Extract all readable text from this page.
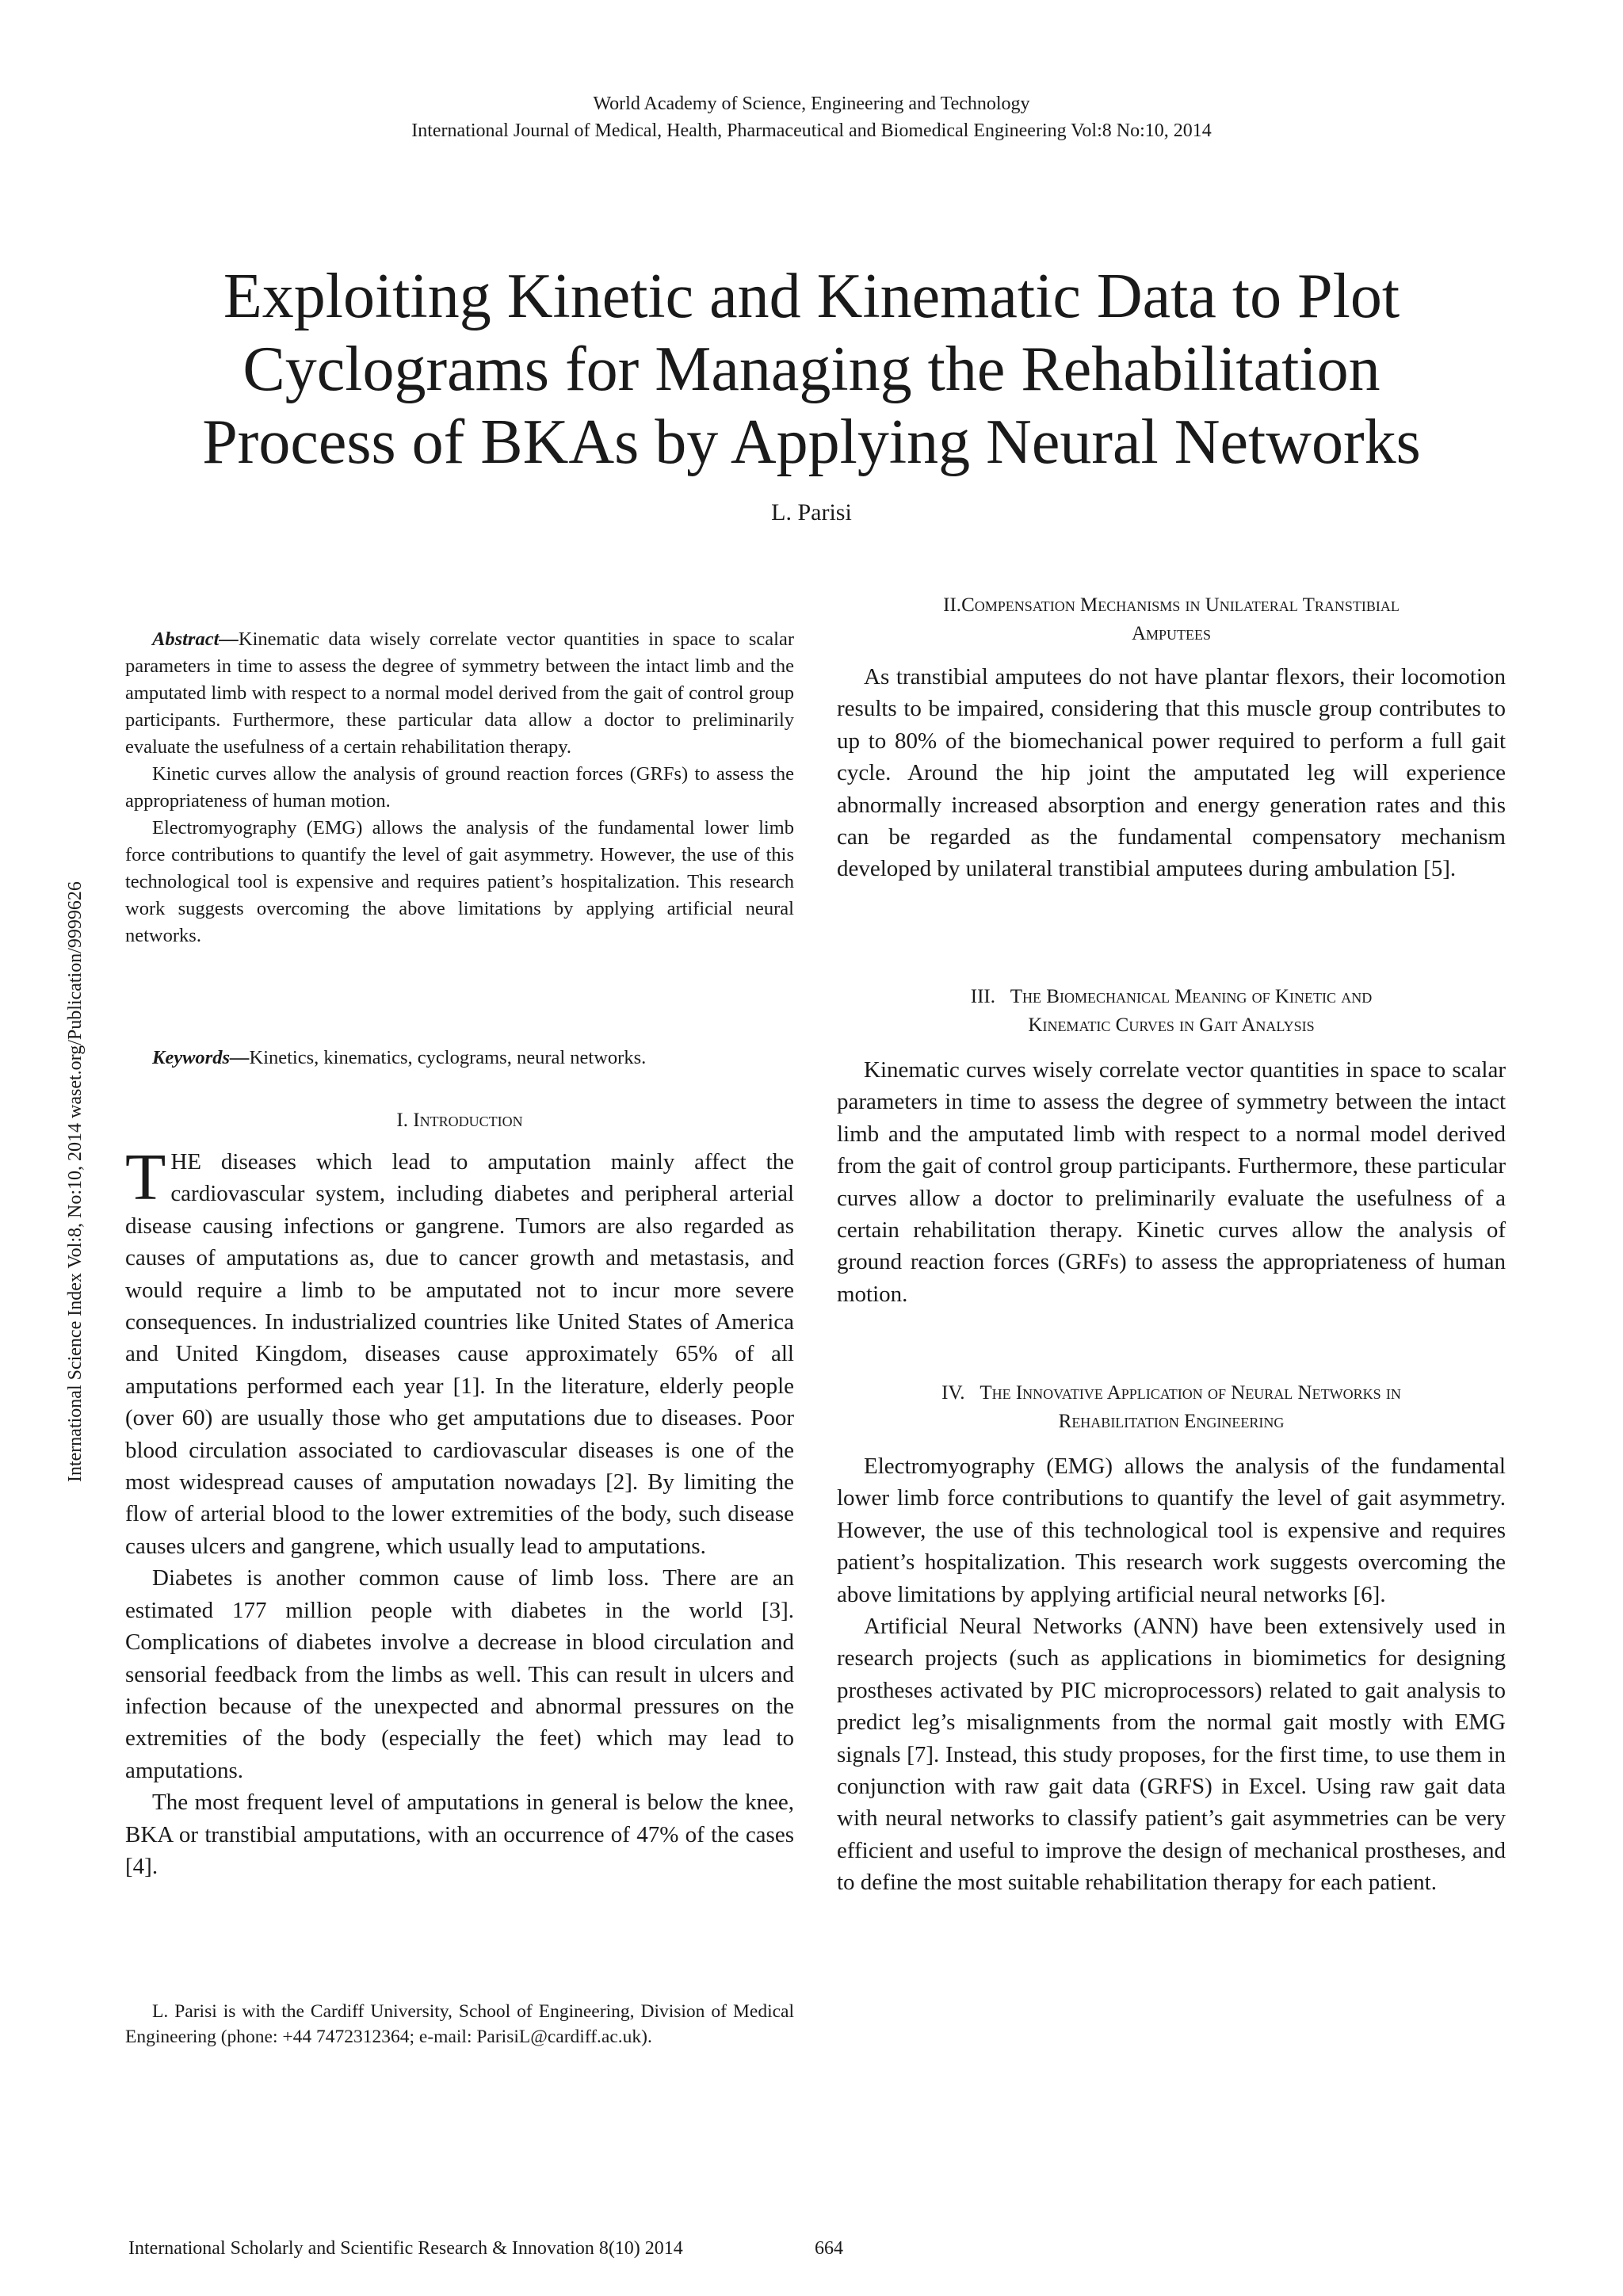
World Academy of Science, Engineering and Technology
International Journal of Medical, Health, Pharmaceutical and Biomedical Engineering Vol:8 No:10, 2014
Exploiting Kinetic and Kinematic Data to Plot
Cyclograms for Managing the Rehabilitation
Process of BKAs by Applying Neural Networks
L. Parisi
International Science Index Vol:8, No:10, 2014 waset.org/Publication/9999626

Abstract—Kinematic data wisely correlate vector quantities in space to scalar parameters in time to assess the degree of symmetry between the intact limb and the amputated limb with respect to a normal model derived from the gait of control group participants. Furthermore, these particular data allow a doctor to preliminarily evaluate the usefulness of a certain rehabilitation therapy.

Kinetic curves allow the analysis of ground reaction forces (GRFs) to assess the appropriateness of human motion.

Electromyography (EMG) allows the analysis of the fundamental lower limb force contributions to quantify the level of gait asymmetry. However, the use of this technological tool is expensive and requires patient’s hospitalization. This research work suggests overcoming the above limitations by applying artificial neural networks.

Keywords—Kinetics, kinematics, cyclograms, neural networks.

I. Introduction

THE diseases which lead to amputation mainly affect the cardiovascular system, including diabetes and peripheral arterial disease causing infections or gangrene. Tumors are also regarded as causes of amputations as, due to cancer growth and metastasis, and would require a limb to be amputated not to incur more severe consequences. In industrialized countries like United States of America and United Kingdom, diseases cause approximately 65% of all amputations performed each year [1]. In the literature, elderly people (over 60) are usually those who get amputations due to diseases. Poor blood circulation associated to cardiovascular diseases is one of the most widespread causes of amputation nowadays [2]. By limiting the flow of arterial blood to the lower extremities of the body, such disease causes ulcers and gangrene, which usually lead to amputations.

Diabetes is another common cause of limb loss. There are an estimated 177 million people with diabetes in the world [3]. Complications of diabetes involve a decrease in blood circulation and sensorial feedback from the limbs as well. This can result in ulcers and infection because of the unexpected and abnormal pressures on the extremities of the body (especially the feet) which may lead to amputations.

The most frequent level of amputations in general is below the knee, BKA or transtibial amputations, with an occurrence of 47% of the cases [4].

L. Parisi is with the Cardiff University, School of Engineering, Division of Medical Engineering (phone: +44 7472312364; e-mail: ParisiL@cardiff.ac.uk).

II.Compensation Mechanisms in Unilateral Transtibial
Amputees

As transtibial amputees do not have plantar flexors, their locomotion results to be impaired, considering that this muscle group contributes to up to 80% of the biomechanical power required to perform a full gait cycle. Around the hip joint the amputated leg will experience abnormally increased absorption and energy generation rates and this can be regarded as the fundamental compensatory mechanism developed by unilateral transtibial amputees during ambulation [5].

III. The Biomechanical Meaning of Kinetic and
Kinematic Curves in Gait Analysis

Kinematic curves wisely correlate vector quantities in space to scalar parameters in time to assess the degree of symmetry between the intact limb and the amputated limb with respect to a normal model derived from the gait of control group participants. Furthermore, these particular curves allow a doctor to preliminarily evaluate the usefulness of a certain rehabilitation therapy. Kinetic curves allow the analysis of ground reaction forces (GRFs) to assess the appropriateness of human motion.

IV. The Innovative Application of Neural Networks in
Rehabilitation Engineering

Electromyography (EMG) allows the analysis of the fundamental lower limb force contributions to quantify the level of gait asymmetry. However, the use of this technological tool is expensive and requires patient’s hospitalization. This research work suggests overcoming the above limitations by applying artificial neural networks [6].

Artificial Neural Networks (ANN) have been extensively used in research projects (such as applications in biomimetics for designing prostheses activated by PIC microprocessors) related to gait analysis to predict leg’s misalignments from the normal gait mostly with EMG signals [7]. Instead, this study proposes, for the first time, to use them in conjunction with raw gait data (GRFS) in Excel. Using raw gait data with neural networks to classify patient’s gait asymmetries can be very efficient and useful to improve the design of mechanical prostheses, and to define the most suitable rehabilitation therapy for each patient.

International Scholarly and Scientific Research & Innovation 8(10) 2014	664
